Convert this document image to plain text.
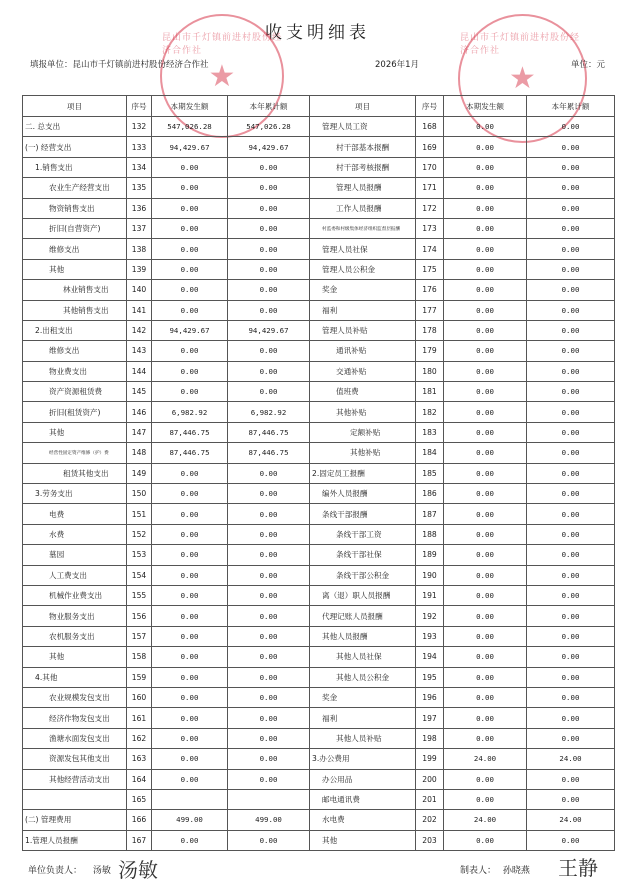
收支明细表
昆山市千灯镇前进村股份经济合作社
★
昆山市千灯镇前进村股份经济合作社
★
填报单位：昆山市千灯镇前进村股份经济合作社	2026年1月	单位：元
项目	序号	本期发生额	本年累计额	项目	序号	本期发生额	本年累计额
二. 总支出	132	547,026.28	547,026.28	管理人员工资	168	0.00	0.00
(一) 经营支出	133	94,429.67	94,429.67	村干部基本报酬	169	0.00	0.00
1.销售支出	134	0.00	0.00	村干部考核报酬	170	0.00	0.00
农业生产经营支出	135	0.00	0.00	管理人员报酬	171	0.00	0.00
物资销售支出	136	0.00	0.00	工作人员报酬	172	0.00	0.00
折旧(自营资产)	137	0.00	0.00	村监委和村级集体经济组织监督层报酬	173	0.00	0.00
维修支出	138	0.00	0.00	管理人员社保	174	0.00	0.00
其他	139	0.00	0.00	管理人员公积金	175	0.00	0.00
林业销售支出	140	0.00	0.00	奖金	176	0.00	0.00
其他销售支出	141	0.00	0.00	福利	177	0.00	0.00
2.出租支出	142	94,429.67	94,429.67	管理人员补贴	178	0.00	0.00
维修支出	143	0.00	0.00	通讯补贴	179	0.00	0.00
物业费支出	144	0.00	0.00	交通补贴	180	0.00	0.00
资产资源租赁费	145	0.00	0.00	值班费	181	0.00	0.00
折旧(租赁资产)	146	6,982.92	6,982.92	其他补贴	182	0.00	0.00
其他	147	87,446.75	87,446.75	定额补贴	183	0.00	0.00
经营性固定资产维修（护）费	148	87,446.75	87,446.75	其他补贴	184	0.00	0.00
租赁其他支出	149	0.00	0.00	2.固定员工报酬	185	0.00	0.00
3.劳务支出	150	0.00	0.00	编外人员报酬	186	0.00	0.00
电费	151	0.00	0.00	条线干部报酬	187	0.00	0.00
水费	152	0.00	0.00	条线干部工资	188	0.00	0.00
墓园	153	0.00	0.00	条线干部社保	189	0.00	0.00
人工费支出	154	0.00	0.00	条线干部公积金	190	0.00	0.00
机械作业费支出	155	0.00	0.00	离（退）职人员报酬	191	0.00	0.00
物业服务支出	156	0.00	0.00	代理记账人员报酬	192	0.00	0.00
农机服务支出	157	0.00	0.00	其他人员报酬	193	0.00	0.00
其他	158	0.00	0.00	其他人员社保	194	0.00	0.00
4.其他	159	0.00	0.00	其他人员公积金	195	0.00	0.00
农业规模发包支出	160	0.00	0.00	奖金	196	0.00	0.00
经济作物发包支出	161	0.00	0.00	福利	197	0.00	0.00
渔塘水面发包支出	162	0.00	0.00	其他人员补贴	198	0.00	0.00
资源发包其他支出	163	0.00	0.00	3.办公费用	199	24.00	24.00
其他经营活动支出	164	0.00	0.00	办公用品	200	0.00	0.00
	165			邮电通讯费	201	0.00	0.00
(二) 管理费用	166	499.00	499.00	水电费	202	24.00	24.00
1.管理人员报酬	167	0.00	0.00	其他	203	0.00	0.00
单位负责人： 汤敏 汤敏	制表人： 孙晓燕 王静
